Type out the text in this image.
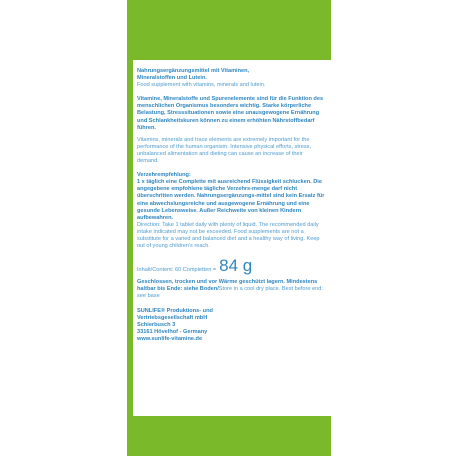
Nahrungsergänzungsmittel mit Vitaminen,

Mineralstoffen und Lutein.

Food supplement with vitamins, minerals and lutein.

Vitamine, Mineralstoffe und Spurenelemente sind für die Funktion des menschlichen Organismus besonders wichtig. Starke körperliche Belastung, Stresssituationen sowie eine unausgewogene Ernährung und Schlankheitskuren können zu einem erhöhten Nährstoffbedarf führen.

Vitamins, minerals and trace elements are extremely important for the performance of the human organism. Intensive physical efforts, stress, unbalanced alimentation and dieting can cause an increase of their demand.

Verzehrempfehlung:

1 x täglich eine Complette mit ausreichend Flüssigkeit schlucken. Die angegebene empfohlene tägliche Verzehrs-menge darf nicht überschritten werden. Nahrungsergänzungs-mittel sind kein Ersatz für eine abwechslungsreiche und ausgewogene Ernährung und eine gesunde Lebensweise. Außer Reichweite von kleinen Kindern aufbewahren.

Direction: Take 1 tablet daily with plenty of liquid. The recommended daily intake indicated may not be exceeded. Food supplements are not a substitute for a varied and balanced diet and a healthy way of living. Keep out of young children's reach.

Inhalt/Content: 60 Completten = 84 g

Geschlossen, trocken und vor Wärme geschützt lagern. Mindestens haltbar bis Ende: siehe Boden/Store in a cool dry place. Best before end: see base

SUNLIFE® Produktions- und

Vertriebsgesellschaft mbH

Schierbusch 3

33161 Hövelhof - Germany

www.sunlife-vitamine.de
